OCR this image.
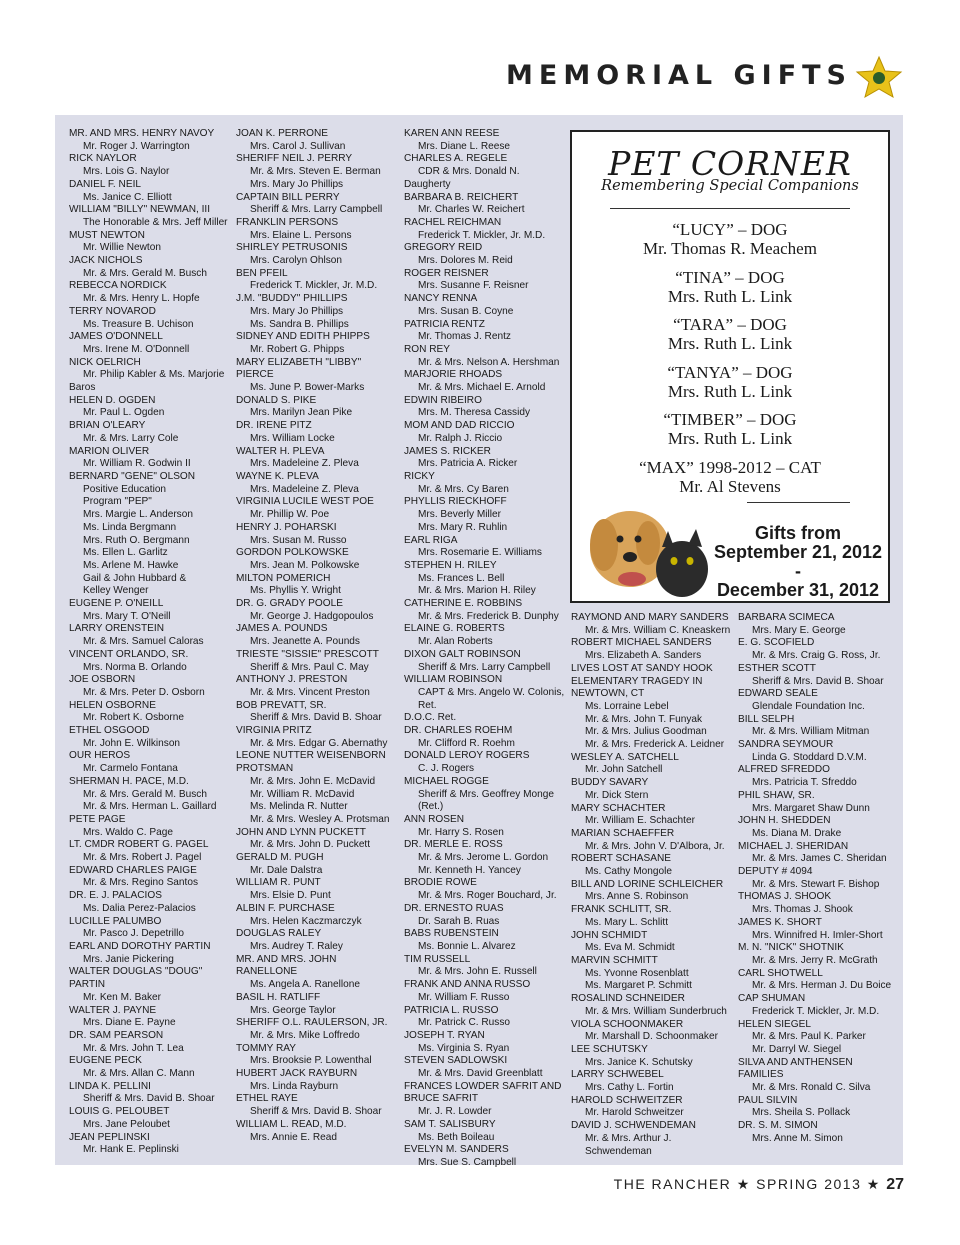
MEMORIAL GIFTS
MR. AND MRS. HENRY NAVOY
Mr. Roger J. Warrington
RICK NAYLOR
Mrs. Lois G. Naylor
DANIEL F. NEIL
Ms. Janice C. Elliott
WILLIAM "BILLY" NEWMAN, III
The Honorable & Mrs. Jeff Miller
MUST NEWTON
Mr. Willie Newton
JACK NICHOLS
Mr. & Mrs. Gerald M. Busch
REBECCA NORDICK
Mr. & Mrs. Henry L. Hopfe
TERRY NOVAROD
Ms. Treasure B. Uchison
JAMES O'DONNELL
Mrs. Irene M. O'Donnell
NICK OELRICH
Mr. Philip Kabler & Ms. Marjorie
Baros
HELEN D. OGDEN
Mr. Paul L. Ogden
BRIAN O'LEARY
Mr. & Mrs. Larry Cole
MARION OLIVER
Mr. William R. Godwin II
BERNARD "GENE" OLSON
Positive Education
Program "PEP"
Mrs. Margie L. Anderson
Ms. Linda Bergmann
Mrs. Ruth O. Bergmann
Ms. Ellen L. Garlitz
Ms. Arlene M. Hawke
Gail & John Hubbard &
Kelley Wenger
EUGENE P. O'NEILL
Mrs. Mary T. O'Neill
LARRY ORENSTEIN
Mr. & Mrs. Samuel Caloras
VINCENT ORLANDO, SR.
Mrs. Norma B. Orlando
JOE OSBORN
Mr. & Mrs. Peter D. Osborn
HELEN OSBORNE
Mr. Robert K. Osborne
ETHEL OSGOOD
Mr. John E. Wilkinson
OUR HEROS
Mr. Carmelo Fontana
SHERMAN H. PACE, M.D.
Mr. & Mrs. Gerald M. Busch
Mr. & Mrs. Herman L. Gaillard
PETE PAGE
Mrs. Waldo C. Page
LT. CMDR ROBERT G. PAGEL
Mr. & Mrs. Robert J. Pagel
EDWARD CHARLES PAIGE
Mr. & Mrs. Regino Santos
DR. E. J. PALACIOS
Ms. Dalia Perez-Palacios
LUCILLE PALUMBO
Mr. Pasco J. Depetrillo
EARL AND DOROTHY PARTIN
Mrs. Janie Pickering
WALTER DOUGLAS "DOUG"
PARTIN
Mr. Ken M. Baker
WALTER J. PAYNE
Mrs. Diane E. Payne
DR. SAM PEARSON
Mr. & Mrs. John T. Lea
EUGENE PECK
Mr. & Mrs. Allan C. Mann
LINDA K. PELLINI
Sheriff & Mrs. David B. Shoar
LOUIS G. PELOUBET
Mrs. Jane Peloubet
JEAN PEPLINSKI
Mr. Hank E. Peplinski
JOAN K. PERRONE
Mrs. Carol J. Sullivan
SHERIFF NEIL J. PERRY
Mr. & Mrs. Steven E. Berman
Mrs. Mary Jo Phillips
CAPTAIN BILL PERRY
Sheriff & Mrs. Larry Campbell
FRANKLIN PERSONS
Mrs. Elaine L. Persons
SHIRLEY PETRUSONIS
Mrs. Carolyn Ohlson
BEN PFEIL
Frederick T. Mickler, Jr. M.D.
J.M. "BUDDY" PHILLIPS
Mrs. Mary Jo Phillips
Ms. Sandra B. Phillips
SIDNEY AND EDITH PHIPPS
Mr. Robert G. Phipps
MARY ELIZABETH "LIBBY"
PIERCE
Ms. June P. Bower-Marks
DONALD S. PIKE
Mrs. Marilyn Jean Pike
DR. IRENE PITZ
Mrs. William Locke
WALTER H. PLEVA
Mrs. Madeleine Z. Pleva
WAYNE K. PLEVA
Mrs. Madeleine Z. Pleva
VIRGINIA LUCILE WEST POE
Mr. Phillip W. Poe
HENRY J. POHARSKI
Mrs. Susan M. Russo
GORDON POLKOWSKE
Mrs. Jean M. Polkowske
MILTON POMERICH
Ms. Phyllis Y. Wright
DR. G. GRADY POOLE
Mr. George J. Hadgopoulos
JAMES A. POUNDS
Mrs. Jeanette A. Pounds
TRIESTE "SISSIE" PRESCOTT
Sheriff & Mrs. Paul C. May
ANTHONY J. PRESTON
Mr. & Mrs. Vincent Preston
BOB PREVATT, SR.
Sheriff & Mrs. David B. Shoar
VIRGINIA PRITZ
Mr. & Mrs. Edgar G. Abernathy
LEONE NUTTER WEISENBORN
PROTSMAN
Mr. & Mrs. John E. McDavid
Mr. William R. McDavid
Ms. Melinda R. Nutter
Mr. & Mrs. Wesley A. Protsman
JOHN AND LYNN PUCKETT
Mr. & Mrs. John D. Puckett
GERALD M. PUGH
Mr. Dale Dalstra
WILLIAM R. PUNT
Mrs. Elsie D. Punt
ALBIN F. PURCHASE
Mrs. Helen Kaczmarczyk
DOUGLAS RALEY
Mrs. Audrey T. Raley
MR. AND MRS. JOHN
RANELLONE
Ms. Angela A. Ranellone
BASIL H. RATLIFF
Mrs. George Taylor
SHERIFF O.L. RAULERSON, JR.
Mr. & Mrs. Mike Loffredo
TOMMY RAY
Mrs. Brooksie P. Lowenthal
HUBERT JACK RAYBURN
Mrs. Linda Rayburn
ETHEL RAYE
Sheriff & Mrs. David B. Shoar
WILLIAM L. READ, M.D.
Mrs. Annie E. Read
KAREN ANN REESE
Mrs. Diane L. Reese
CHARLES A. REGELE
CDR & Mrs. Donald N.
Daugherty
BARBARA B. REICHERT
Mr. Charles W. Reichert
RACHEL REICHMAN
Frederick T. Mickler, Jr. M.D.
GREGORY REID
Mrs. Dolores M. Reid
ROGER REISNER
Mrs. Susanne F. Reisner
NANCY RENNA
Mrs. Susan B. Coyne
PATRICIA RENTZ
Mr. Thomas J. Rentz
RON REY
Mr. & Mrs. Nelson A. Hershman
MARJORIE RHOADS
Mr. & Mrs. Michael E. Arnold
EDWIN RIBEIRO
Mrs. M. Theresa Cassidy
MOM AND DAD RICCIO
Mr. Ralph J. Riccio
JAMES S. RICKER
Mrs. Patricia A. Ricker
RICKY
Mr. & Mrs. Cy Baren
PHYLLIS RIECKHOFF
Mrs. Beverly Miller
Mrs. Mary R. Ruhlin
EARL RIGA
Mrs. Rosemarie E. Williams
STEPHEN H. RILEY
Ms. Frances L. Bell
Mr. & Mrs. Marion H. Riley
CATHERINE E. ROBBINS
Mr. & Mrs. Frederick B. Dunphy
ELAINE G. ROBERTS
Mr. Alan Roberts
DIXON GALT ROBINSON
Sheriff & Mrs. Larry Campbell
WILLIAM ROBINSON
CAPT & Mrs. Angelo W. Colonis,
Ret.
D.O.C. Ret.
DR. CHARLES ROEHM
Mr. Clifford R. Roehm
DONALD LEROY ROGERS
C. J. Rogers
MICHAEL ROGGE
Sheriff & Mrs. Geoffrey Monge
(Ret.)
ANN ROSEN
Mr. Harry S. Rosen
DR. MERLE E. ROSS
Mr. & Mrs. Jerome L. Gordon
Mr. Kenneth H. Yancey
BRODIE ROWE
Mr. & Mrs. Roger Bouchard, Jr.
DR. ERNESTO RUAS
Dr. Sarah B. Ruas
BABS RUBENSTEIN
Ms. Bonnie L. Alvarez
TIM RUSSELL
Mr. & Mrs. John E. Russell
FRANK AND ANNA RUSSO
Mr. William F. Russo
PATRICIA L. RUSSO
Mr. Patrick C. Russo
JOSEPH T. RYAN
Ms. Virginia S. Ryan
STEVEN SADLOWSKI
Mr. & Mrs. David Greenblatt
FRANCES LOWDER SAFRIT AND
BRUCE SAFRIT
Mr. J. R. Lowder
SAM T. SALISBURY
Ms. Beth Boileau
EVELYN M. SANDERS
Mrs. Sue S. Campbell
RAYMOND AND MARY SANDERS
Mr. & Mrs. William C. Kneaskern
ROBERT MICHAEL SANDERS
Mrs. Elizabeth A. Sanders
LIVES LOST AT SANDY HOOK
ELEMENTARY TRAGEDY IN
NEWTOWN, CT
Ms. Lorraine Lebel
Mr. & Mrs. John T. Funyak
Mr. & Mrs. Julius Goodman
Mr. & Mrs. Frederick A. Leidner
WESLEY A. SATCHELL
Mr. John Satchell
BUDDY SAVARY
Mr. Dick Stern
MARY SCHACHTER
Mr. William E. Schachter
MARIAN SCHAEFFER
Mr. & Mrs. John V. D'Albora, Jr.
ROBERT SCHASANE
Ms. Cathy Mongole
BILL AND LORINE SCHLEICHER
Mrs. Anne S. Robinson
FRANK SCHLITT, SR.
Ms. Mary L. Schlitt
JOHN SCHMIDT
Ms. Eva M. Schmidt
MARVIN SCHMITT
Ms. Yvonne Rosenblatt
Ms. Margaret P. Schmitt
ROSALIND SCHNEIDER
Mr. & Mrs. William Sunderbruch
VIOLA SCHOONMAKER
Mr. Marshall D. Schoonmaker
LEE SCHUTSKY
Mrs. Janice K. Schutsky
LARRY SCHWEBEL
Mrs. Cathy L. Fortin
HAROLD SCHWEITZER
Mr. Harold Schweitzer
DAVID J. SCHWENDEMAN
Mr. & Mrs. Arthur J.
Schwendeman
BARBARA SCIMECA
Mrs. Mary E. George
E. G. SCOFIELD
Mr. & Mrs. Craig G. Ross, Jr.
ESTHER SCOTT
Sheriff & Mrs. David B. Shoar
EDWARD SEALE
Glendale Foundation Inc.
BILL SELPH
Mr. & Mrs. William Mitman
SANDRA SEYMOUR
Linda G. Stoddard D.V.M.
ALFRED SFREDDO
Mrs. Patricia T. Sfreddo
PHIL SHAW, SR.
Mrs. Margaret Shaw Dunn
JOHN H. SHEDDEN
Ms. Diana M. Drake
MICHAEL J. SHERIDAN
Mr. & Mrs. James C. Sheridan
DEPUTY # 4094
Mr. & Mrs. Stewart F. Bishop
THOMAS J. SHOOK
Mrs. Thomas J. Shook
JAMES K. SHORT
Mrs. Winnifred H. Imler-Short
M. N. "NICK" SHOTNIK
Mr. & Mrs. Jerry R. McGrath
CARL SHOTWELL
Mr. & Mrs. Herman J. Du Boice
CAP SHUMAN
Frederick T. Mickler, Jr. M.D.
HELEN SIEGEL
Mr. & Mrs. Paul K. Parker
Mr. Darryl W. Siegel
SILVA AND ANTHENSEN
FAMILIES
Mr. & Mrs. Ronald C. Silva
PAUL SILVIN
Mrs. Sheila S. Pollack
DR. S. M. SIMON
Mrs. Anne M. Simon
PET CORNER
Remembering Special Companions
“LUCY” – DOG
Mr. Thomas R. Meachem
“TINA” – DOG
Mrs. Ruth L. Link
“TARA” – DOG
Mrs. Ruth L. Link
“TANYA” – DOG
Mrs. Ruth L. Link
“TIMBER” – DOG
Mrs. Ruth L. Link
“MAX” 1998-2012 – CAT
Mr. Al Stevens
Gifts from
September 21, 2012 -
December 31, 2012
THE RANCHER ★ SPRING 2013 ★ 27
